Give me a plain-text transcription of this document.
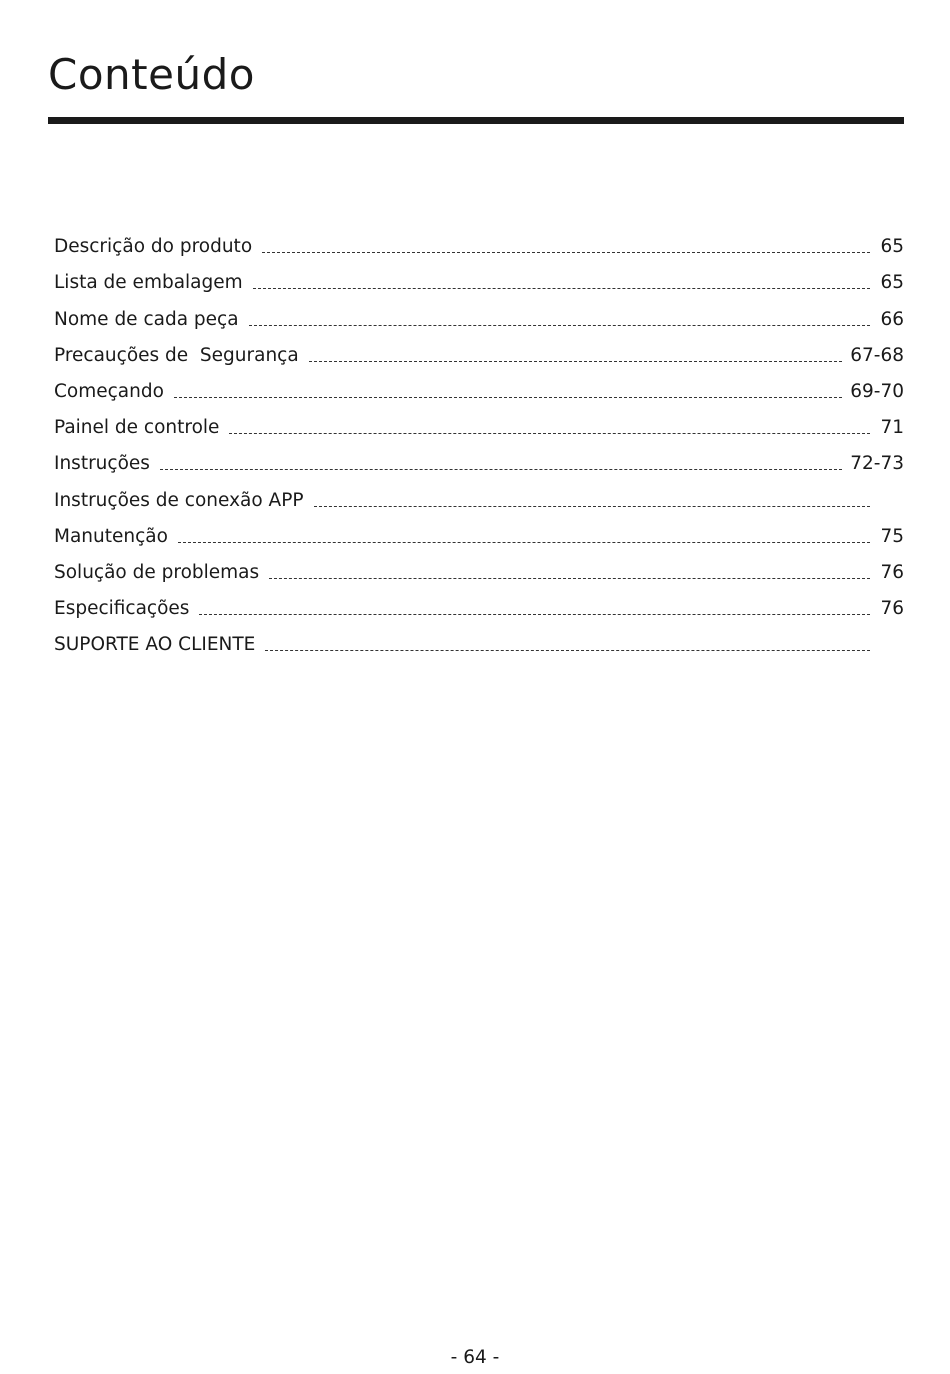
Conteúdo
Descrição do produto	65
Lista de embalagem	65
Nome de cada peça	66
Precauções de  Segurança	67-68
Começando	69-70
Painel de controle	71
Instruções	72-73
Instruções de conexão APP
Manutenção	75
Solução de problemas	76
Especificações	76
SUPORTE AO CLIENTE
- 64 -
